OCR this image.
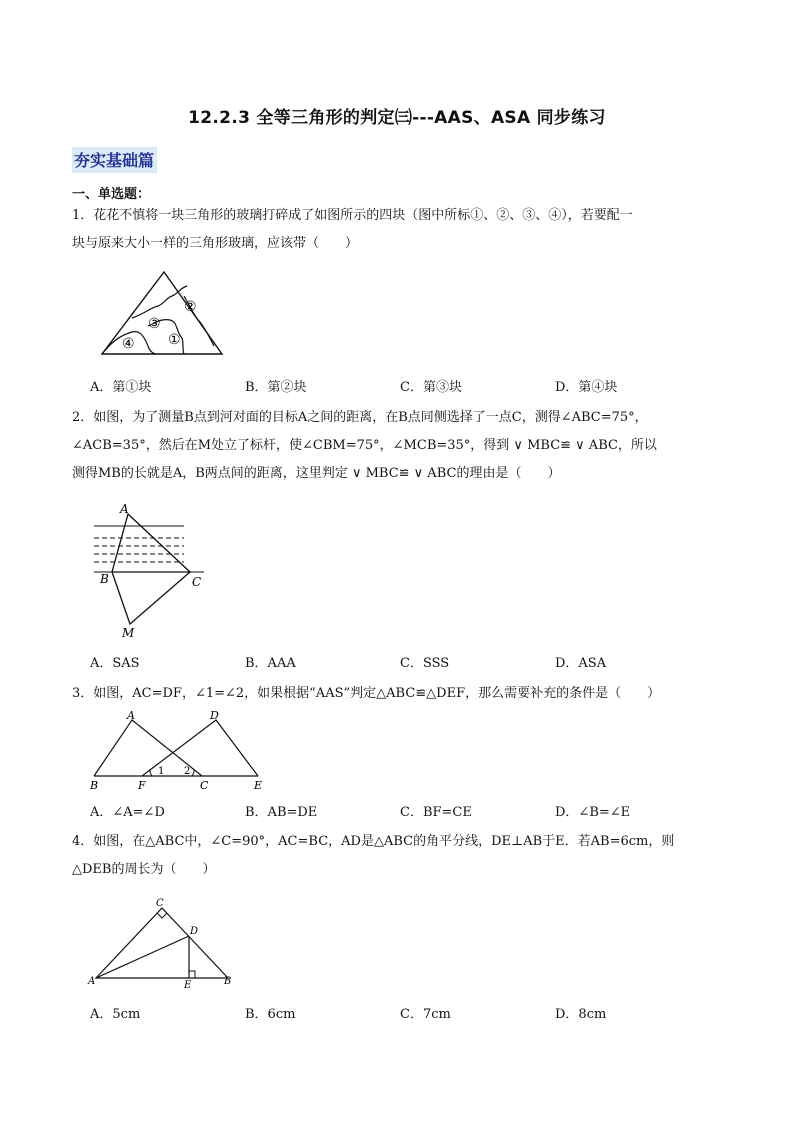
12.2.3 全等三角形的判定㈢---AAS、ASA 同步练习
夯实基础篇
一、单选题：

1．花花不慎将一块三角形的玻璃打碎成了如图所示的四块（图中所标①、②、③、④），若要配一

块与原来大小一样的三角形玻璃，应该带（　　）

②
③
①
④
A．第①块	B．第②块	C．第③块	D．第④块

2．如图，为了测量B点到河对面的目标A之间的距离，在B点同侧选择了一点C，测得∠ABC=75°，

∠ACB=35°，然后在M处立了标杆，使∠CBM=75°，∠MCB=35°，得到 ∨ MBC≌ ∨ ABC，所以

测得MB的长就是A，B两点间的距离，这里判定 ∨ MBC≌ ∨ ABC的理由是（　　）

A
B	C
M
A．SAS	B．AAA	C．SSS	D．ASA

3．如图，AC=DF，∠1=∠2，如果根据“AAS”判定△ABC≌△DEF，那么需要补充的条件是（　　）

A	D
1 2
B	F	C	E
A．∠A=∠D	B．AB=DE	C．BF=CE	D．∠B=∠E

4．如图，在△ABC中，∠C=90°，AC=BC，AD是△ABC的角平分线，DE⊥AB于E．若AB=6cm，则

△DEB的周长为（　　）

C
D
A	E	B
A．5cm	B．6cm	C．7cm	D．8cm
